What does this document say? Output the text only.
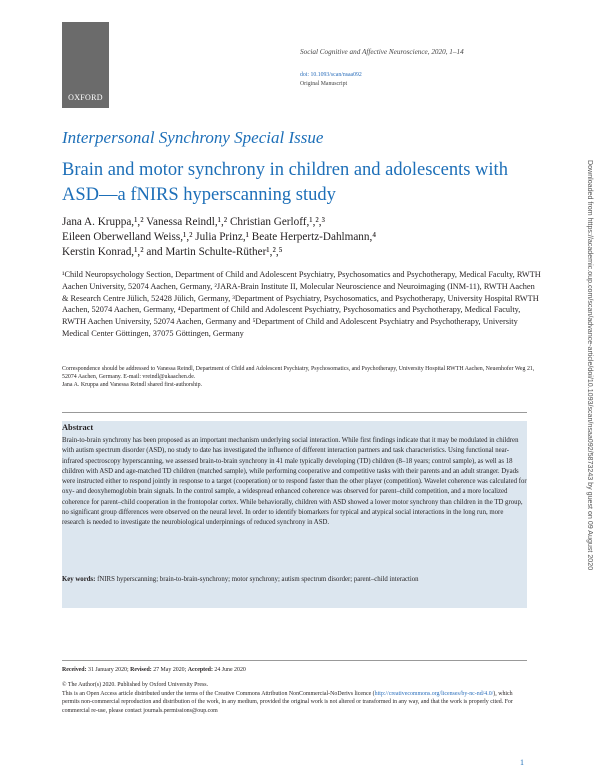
OXFORD
Social Cognitive and Affective Neuroscience, 2020, 1–14
doi: 10.1093/scan/nsaa092
Original Manuscript
Interpersonal Synchrony Special Issue
Brain and motor synchrony in children and adolescents with ASD—a fNIRS hyperscanning study
Jana A. Kruppa,¹,² Vanessa Reindl,¹,² Christian Gerloff,¹,²,³
Eileen Oberwelland Weiss,¹,² Julia Prinz,¹ Beate Herpertz-Dahlmann,⁴
Kerstin Konrad,¹,² and Martin Schulte-Rüther¹,²,⁵
¹Child Neuropsychology Section, Department of Child and Adolescent Psychiatry, Psychosomatics and Psychotherapy, Medical Faculty, RWTH Aachen University, 52074 Aachen, Germany, ²JARA-Brain Institute II, Molecular Neuroscience and Neuroimaging (INM-11), RWTH Aachen & Research Centre Jülich, 52428 Jülich, Germany, ³Department of Psychiatry, Psychosomatics, and Psychotherapy, University Hospital RWTH Aachen, 52074 Aachen, Germany, ⁴Department of Child and Adolescent Psychiatry, Psychosomatics and Psychotherapy, Medical Faculty, RWTH Aachen University, 52074 Aachen, Germany and ⁵Department of Child and Adolescent Psychiatry and Psychotherapy, University Medical Center Göttingen, 37075 Göttingen, Germany
Correspondence should be addressed to Vanessa Reindl, Department of Child and Adolescent Psychiatry, Psychosomatics, and Psychotherapy, University Hospital RWTH Aachen, Neuenhofer Weg 21, 52074 Aachen, Germany. E-mail: vreindl@ukaachen.de.
Jana A. Kruppa and Vanessa Reindl shared first-authorship.
Abstract
Brain-to-brain synchrony has been proposed as an important mechanism underlying social interaction. While first findings indicate that it may be modulated in children with autism spectrum disorder (ASD), no study to date has investigated the influence of different interaction partners and task characteristics. Using functional near-infrared spectroscopy hyperscanning, we assessed brain-to-brain synchrony in 41 male typically developing (TD) children (8–18 years; control sample), as well as 18 children with ASD and age-matched TD children (matched sample), while performing cooperative and competitive tasks with their parents and an adult stranger. Dyads were instructed either to respond jointly in response to a target (cooperation) or to respond faster than the other player (competition). Wavelet coherence was calculated for oxy- and deoxyhemoglobin brain signals. In the control sample, a widespread enhanced coherence was observed for parent–child competition, and a more localized coherence for parent–child cooperation in the frontopolar cortex. While behaviorally, children with ASD showed a lower motor synchrony than children in the TD group, no significant group differences were observed on the neural level. In order to identify biomarkers for typical and atypical social interactions in the long run, more research is needed to investigate the neurobiological underpinnings of reduced synchrony in ASD.
Key words: fNIRS hyperscanning; brain-to-brain-synchrony; motor synchrony; autism spectrum disorder; parent–child interaction
Received: 31 January 2020; Revised: 27 May 2020; Accepted: 24 June 2020
© The Author(s) 2020. Published by Oxford University Press.
This is an Open Access article distributed under the terms of the Creative Commons Attribution NonCommercial-NoDerivs licence (http://creativecommons.org/licenses/by-nc-nd/4.0/), which permits non-commercial reproduction and distribution of the work, in any medium, provided the original work is not altered or transformed in any way, and that the work is properly cited. For commercial re-use, please contact journals.permissions@oup.com
1
Downloaded from https://academic.oup.com/scan/advance-article/doi/10.1093/scan/nsaa092/5873243 by guest on 09 August 2020
